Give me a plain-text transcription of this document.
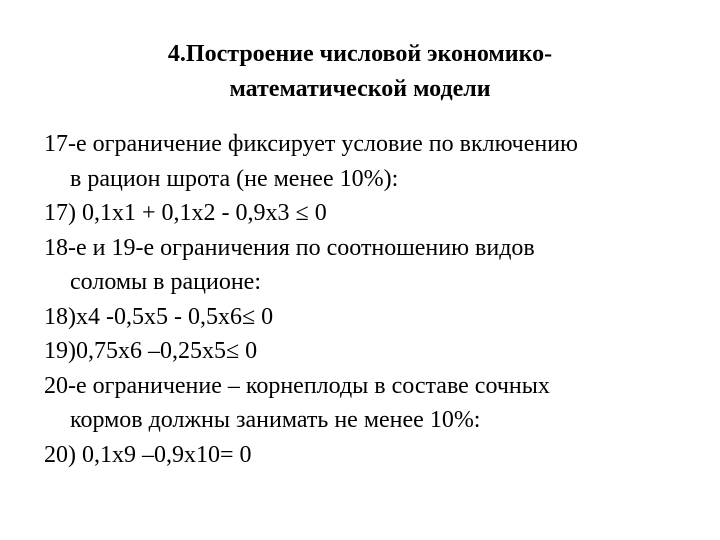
4.Построение числовой экономико-
математической модели

17-е ограничение фиксирует условие по включению
в рацион шрота (не менее 10%):

17) 0,1х1 + 0,1х2 - 0,9х3 ≤ 0

18-е и 19-е ограничения по соотношению видов
соломы в рационе:

18)х4 -0,5х5 - 0,5х6≤ 0

19)0,75х6 –0,25х5≤ 0

20-е ограничение – корнеплоды в составе сочных
кормов должны занимать не менее 10%:

20) 0,1х9 –0,9х10= 0
